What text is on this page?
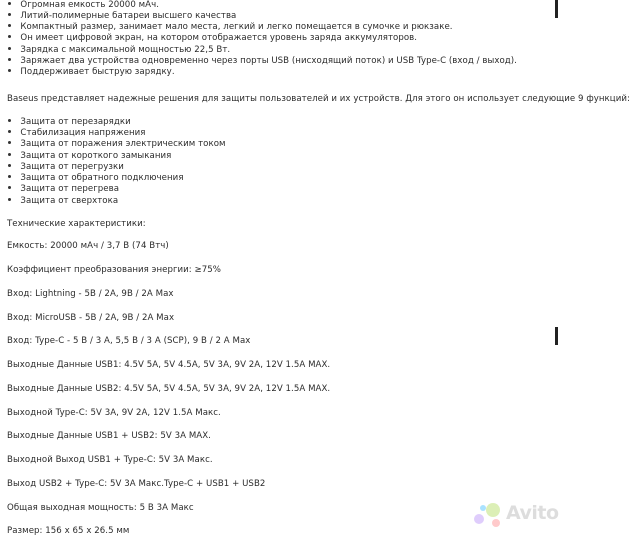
Огромная емкость 20000 мАч.
Литий-полимерные батареи высшего качества
Компактный размер, занимает мало места, легкий и легко помещается в сумочке и рюкзаке.
Он имеет цифровой экран, на котором отображается уровень заряда аккумуляторов.
Зарядка с максимальной мощностью 22,5 Вт.
Заряжает два устройства одновременно через порты USB (нисходящий поток) и USB Type-C (вход / выход).
Поддерживает быструю зарядку.
Baseus представляет надежные решения для защиты пользователей и их устройств. Для этого он использует следующие 9 функций:
Защита от перезарядки
Стабилизация напряжения
Защита от поражения электрическим током
Защита от короткого замыкания
Защита от перегрузки
Защита от обратного подключения
Защита от перегрева
Защита от сверхтока
Технические характеристики:
Емкость: 20000 мАч / 3,7 В (74 Втч)
Коэффициент преобразования энергии: ≥75%
Вход: Lightning - 5В / 2А, 9В / 2A Max
Вход: MicroUSB - 5В / 2А, 9В / 2A Max
Вход: Type-C - 5 В / 3 A, 5,5 В / 3 A (SCP), 9 В / 2 A Max
Выходные Данные USB1: 4.5V 5A, 5V 4.5A, 5V 3A, 9V 2A, 12V 1.5A MAX.
Выходные Данные USB2: 4.5V 5A, 5V 4.5A, 5V 3A, 9V 2A, 12V 1.5A MAX.
Выходной Type-C: 5V 3A, 9V 2A, 12V 1.5A Макс.
Выходные Данные USB1 + USB2: 5V 3A MAX.
Выходной Выход USB1 + Type-C: 5V 3A Макс.
Выход USB2 + Type-C: 5V 3A Макс.Type-C + USB1 + USB2
Общая выходная мощность: 5 В 3А Макс
Размер: 156 x 65 x 26.5 мм
Avito
